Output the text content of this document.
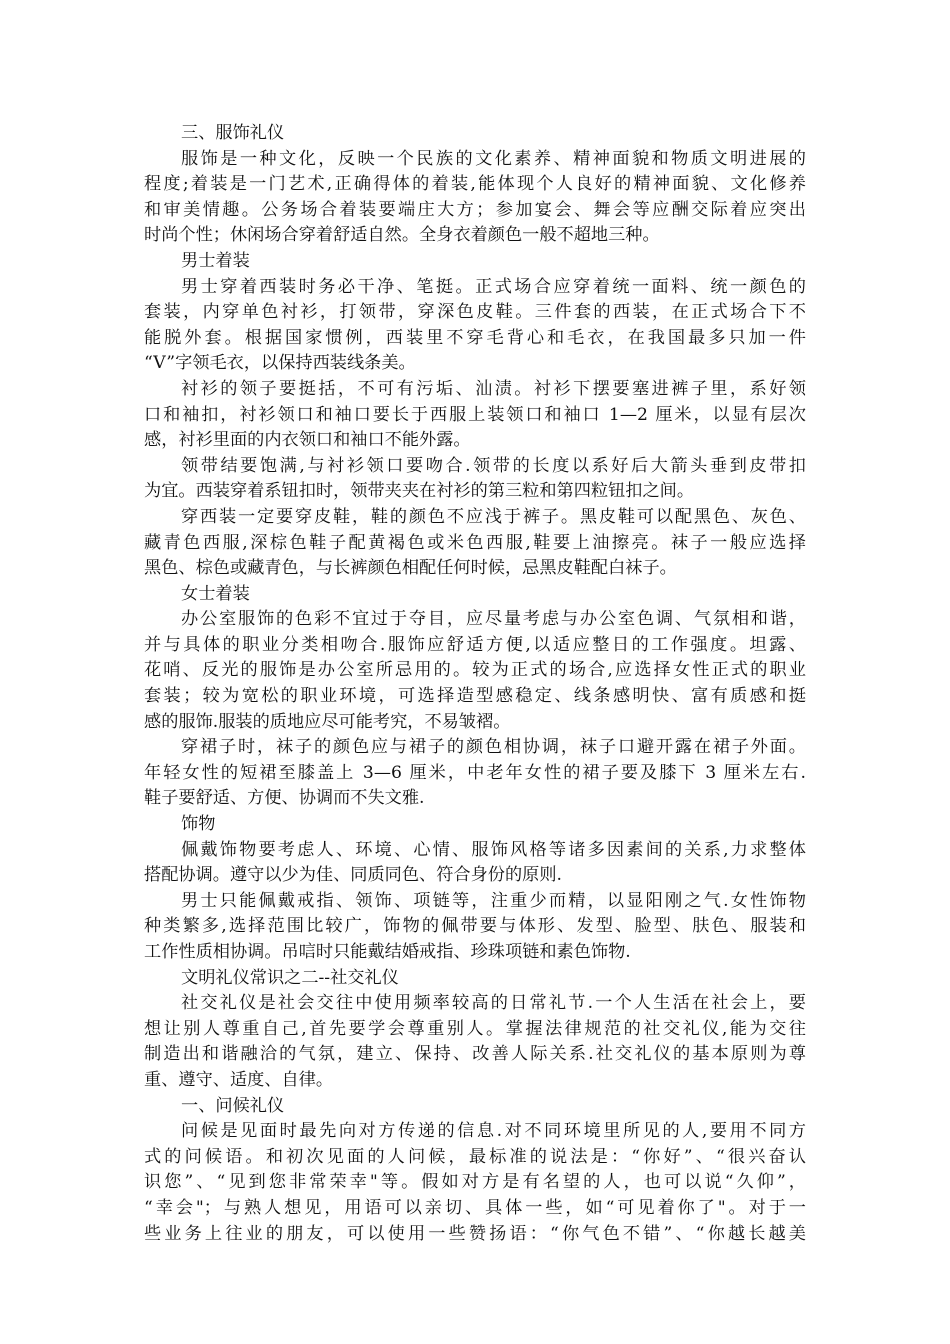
三、服饰礼仪
服饰是一种文化，反映一个民族的文化素养、精神面貌和物质文明进展的
程度;着装是一门艺术,正确得体的着装,能体现个人良好的精神面貌、文化修养
和审美情趣。公务场合着装要端庄大方；参加宴会、舞会等应酬交际着应突出
时尚个性；休闲场合穿着舒适自然。全身衣着颜色一般不超地三种。
男士着装
男士穿着西装时务必干净、笔挺。正式场合应穿着统一面料、统一颜色的
套装，内穿单色衬衫，打领带，穿深色皮鞋。三件套的西装，在正式场合下不
能脱外套。根据国家惯例，西装里不穿毛背心和毛衣，在我国最多只加一件
“V”字领毛衣，以保持西装线条美。
衬衫的领子要挺括，不可有污垢、汕渍。衬衫下摆要塞进裤子里，系好领
口和袖扣，衬衫领口和袖口要长于西服上装领口和袖口 1—2 厘米，以显有层次
感，衬衫里面的内衣领口和袖口不能外露。
领带结要饱满,与衬衫领口要吻合.领带的长度以系好后大箭头垂到皮带扣
为宜。西装穿着系钮扣时，领带夹夹在衬衫的第三粒和第四粒钮扣之间。
穿西装一定要穿皮鞋，鞋的颜色不应浅于裤子。黑皮鞋可以配黑色、灰色、
藏青色西服,深棕色鞋子配黄褐色或米色西服,鞋要上油擦亮。袜子一般应选择
黑色、棕色或藏青色，与长裤颜色相配任何时候，忌黑皮鞋配白袜子。
女士着装
办公室服饰的色彩不宜过于夺目，应尽量考虑与办公室色调、气氛相和谐，
并与具体的职业分类相吻合.服饰应舒适方便,以适应整日的工作强度。坦露、
花哨、反光的服饰是办公室所忌用的。较为正式的场合,应选择女性正式的职业
套装；较为宽松的职业环境，可选择造型感稳定、线条感明快、富有质感和挺
感的服饰.服装的质地应尽可能考究，不易皱褶。
穿裙子时，袜子的颜色应与裙子的颜色相协调，袜子口避开露在裙子外面。
年轻女性的短裙至膝盖上 3—6 厘米，中老年女性的裙子要及膝下 3 厘米左右.
鞋子要舒适、方便、协调而不失文雅.
饰物
佩戴饰物要考虑人、环境、心情、服饰风格等诸多因素间的关系,力求整体
搭配协调。遵守以少为佳、同质同色、符合身份的原则.
男士只能佩戴戒指、领饰、项链等，注重少而精，以显阳刚之气.女性饰物
种类繁多,选择范围比较广，饰物的佩带要与体形、发型、脸型、肤色、服装和
工作性质相协调。吊唁时只能戴结婚戒指、珍珠项链和素色饰物.
文明礼仪常识之二--社交礼仪
社交礼仪是社会交往中使用频率较高的日常礼节.一个人生活在社会上，要
想让别人尊重自己,首先要学会尊重别人。掌握法律规范的社交礼仪,能为交往
制造出和谐融洽的气氛，建立、保持、改善人际关系.社交礼仪的基本原则为尊
重、遵守、适度、自律。
一、问候礼仪
问候是见面时最先向对方传递的信息.对不同环境里所见的人,要用不同方
式的问候语。和初次见面的人问候，最标准的说法是：“你好”、“很兴奋认
识您”、“见到您非常荣幸"等。假如对方是有名望的人，也可以说“久仰”，
“幸会"；与熟人想见，用语可以亲切、具体一些，如“可见着你了"。对于一
些业务上往业的朋友，可以使用一些赞扬语：“你气色不错”、“你越长越美
